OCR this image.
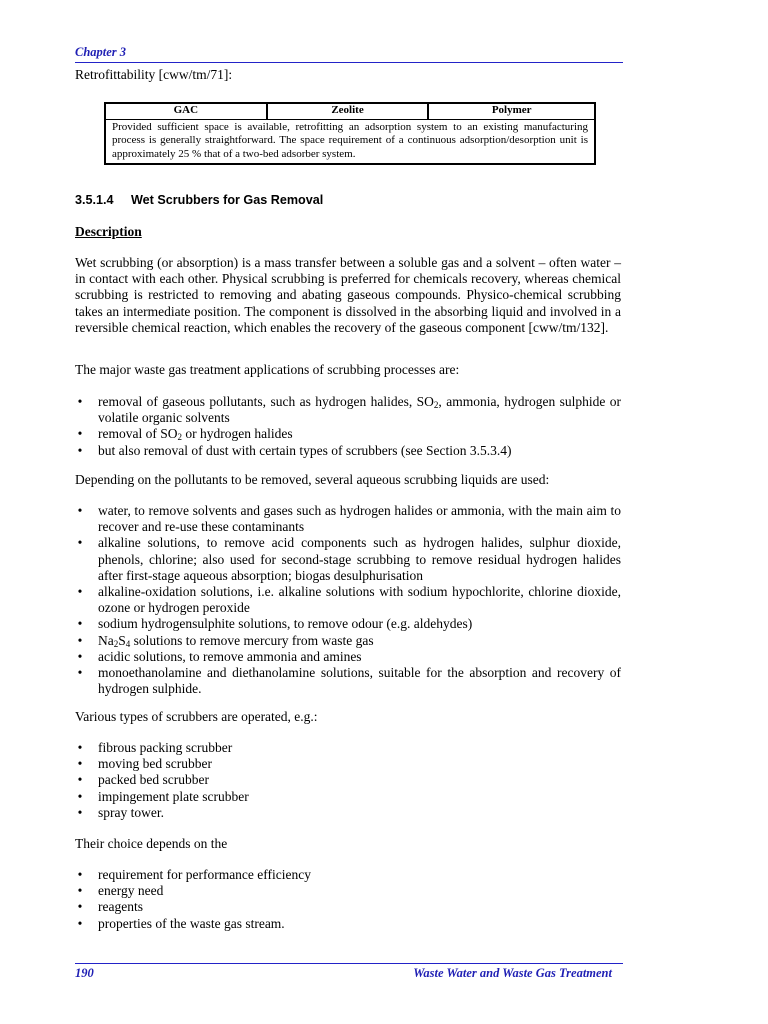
Chapter 3
Retrofittability [cww/tm/71]:
GAC	Zeolite	Polymer
Provided sufficient space is available, retrofitting an adsorption system to an existing manufacturing process is generally straightforward. The space requirement of a continuous adsorption/desorption unit is approximately 25 % that of a two-bed adsorber system.
3.5.1.4 Wet Scrubbers for Gas Removal
Description

Wet scrubbing (or absorption) is a mass transfer between a soluble gas and a solvent – often water – in contact with each other. Physical scrubbing is preferred for chemicals recovery, whereas chemical scrubbing is restricted to removing and abating gaseous compounds. Physico-chemical scrubbing takes an intermediate position. The component is dissolved in the absorbing liquid and involved in a reversible chemical reaction, which enables the recovery of the gaseous component [cww/tm/132].

The major waste gas treatment applications of scrubbing processes are:

• removal of gaseous pollutants, such as hydrogen halides, $SO_2$, ammonia, hydrogen sulphide or volatile organic solvents
• removal of $SO_2$ or hydrogen halides
• but also removal of dust with certain types of scrubbers (see Section 3.5.3.4)

Depending on the pollutants to be removed, several aqueous scrubbing liquids are used:

• water, to remove solvents and gases such as hydrogen halides or ammonia, with the main aim to recover and re-use these contaminants
• alkaline solutions, to remove acid components such as hydrogen halides, sulphur dioxide, phenols, chlorine; also used for second-stage scrubbing to remove residual hydrogen halides after first-stage aqueous absorption; biogas desulphurisation
• alkaline-oxidation solutions, i.e. alkaline solutions with sodium hypochlorite, chlorine dioxide, ozone or hydrogen peroxide
• sodium hydrogensulphite solutions, to remove odour (e.g. aldehydes)
• $Na_2S_4$ solutions to remove mercury from waste gas
• acidic solutions, to remove ammonia and amines
• monoethanolamine and diethanolamine solutions, suitable for the absorption and recovery of hydrogen sulphide.

Various types of scrubbers are operated, e.g.:

• fibrous packing scrubber
• moving bed scrubber
• packed bed scrubber
• impingement plate scrubber
• spray tower.

Their choice depends on the

• requirement for performance efficiency
• energy need
• reagents
• properties of the waste gas stream.
190	Waste Water and Waste Gas Treatment
